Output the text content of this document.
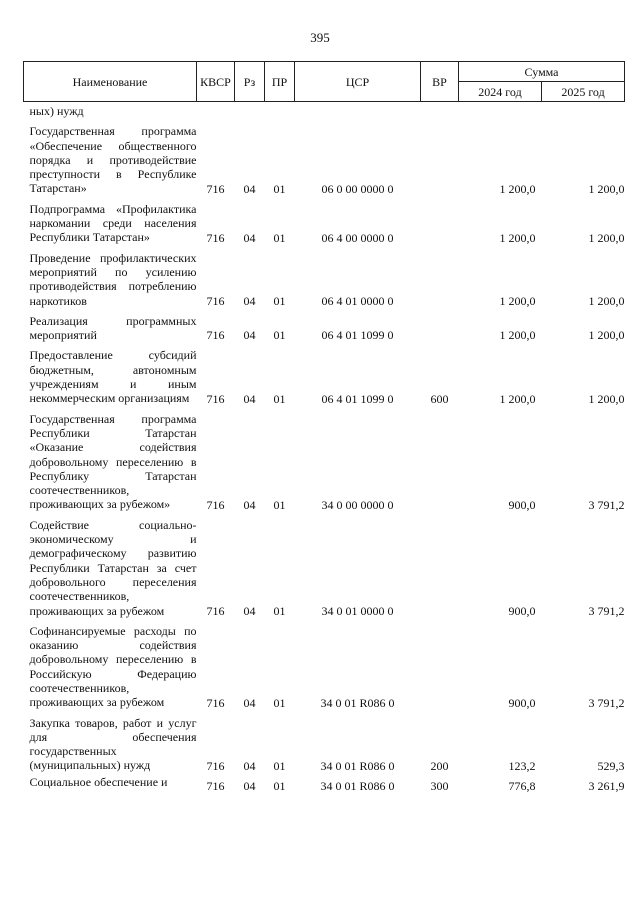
395
Наименование	КВСР	Рз	ПР	ЦСР	ВР	Сумма	
						2024 год	2025 год
ных) нужд							

Государственная программа «Обеспечение общественного порядка и противодействие преступности в Республике Татарстан»	716	04	01	06 0 00 0000 0		1 200,0	1 200,0

Подпрограмма «Профилактика наркомании среди населения Республики Татарстан»	716	04	01	06 4 00 0000 0		1 200,0	1 200,0

Проведение профилактических мероприятий по усилению противодействия потреблению наркотиков	716	04	01	06 4 01 0000 0		1 200,0	1 200,0

Реализация программных мероприятий	716	04	01	06 4 01 1099 0		1 200,0	1 200,0

Предоставление субсидий бюджетным, автономным учреждениям и иным некоммерческим организациям	716	04	01	06 4 01 1099 0	600	1 200,0	1 200,0

Государственная программа Республики Татарстан «Оказание содействия добровольному переселению в Республику Татарстан соотечественников, проживающих за рубежом»	716	04	01	34 0 00 0000 0		900,0	3 791,2

Содействие социально-экономическому и демографическому развитию Республики Татарстан за счет добровольного переселения соотечественников, проживающих за рубежом	716	04	01	34 0 01 0000 0		900,0	3 791,2

Софинансируемые расходы по оказанию содействия добровольному переселению в Российскую Федерацию соотечественников, проживающих за рубежом	716	04	01	34 0 01 R086 0		900,0	3 791,2

Закупка товаров, работ и услуг для обеспечения государственных (муниципальных) нужд	716	04	01	34 0 01 R086 0	200	123,2	529,3
Социальное обеспечение и	716	04	01	34 0 01 R086 0	300	776,8	3 261,9
